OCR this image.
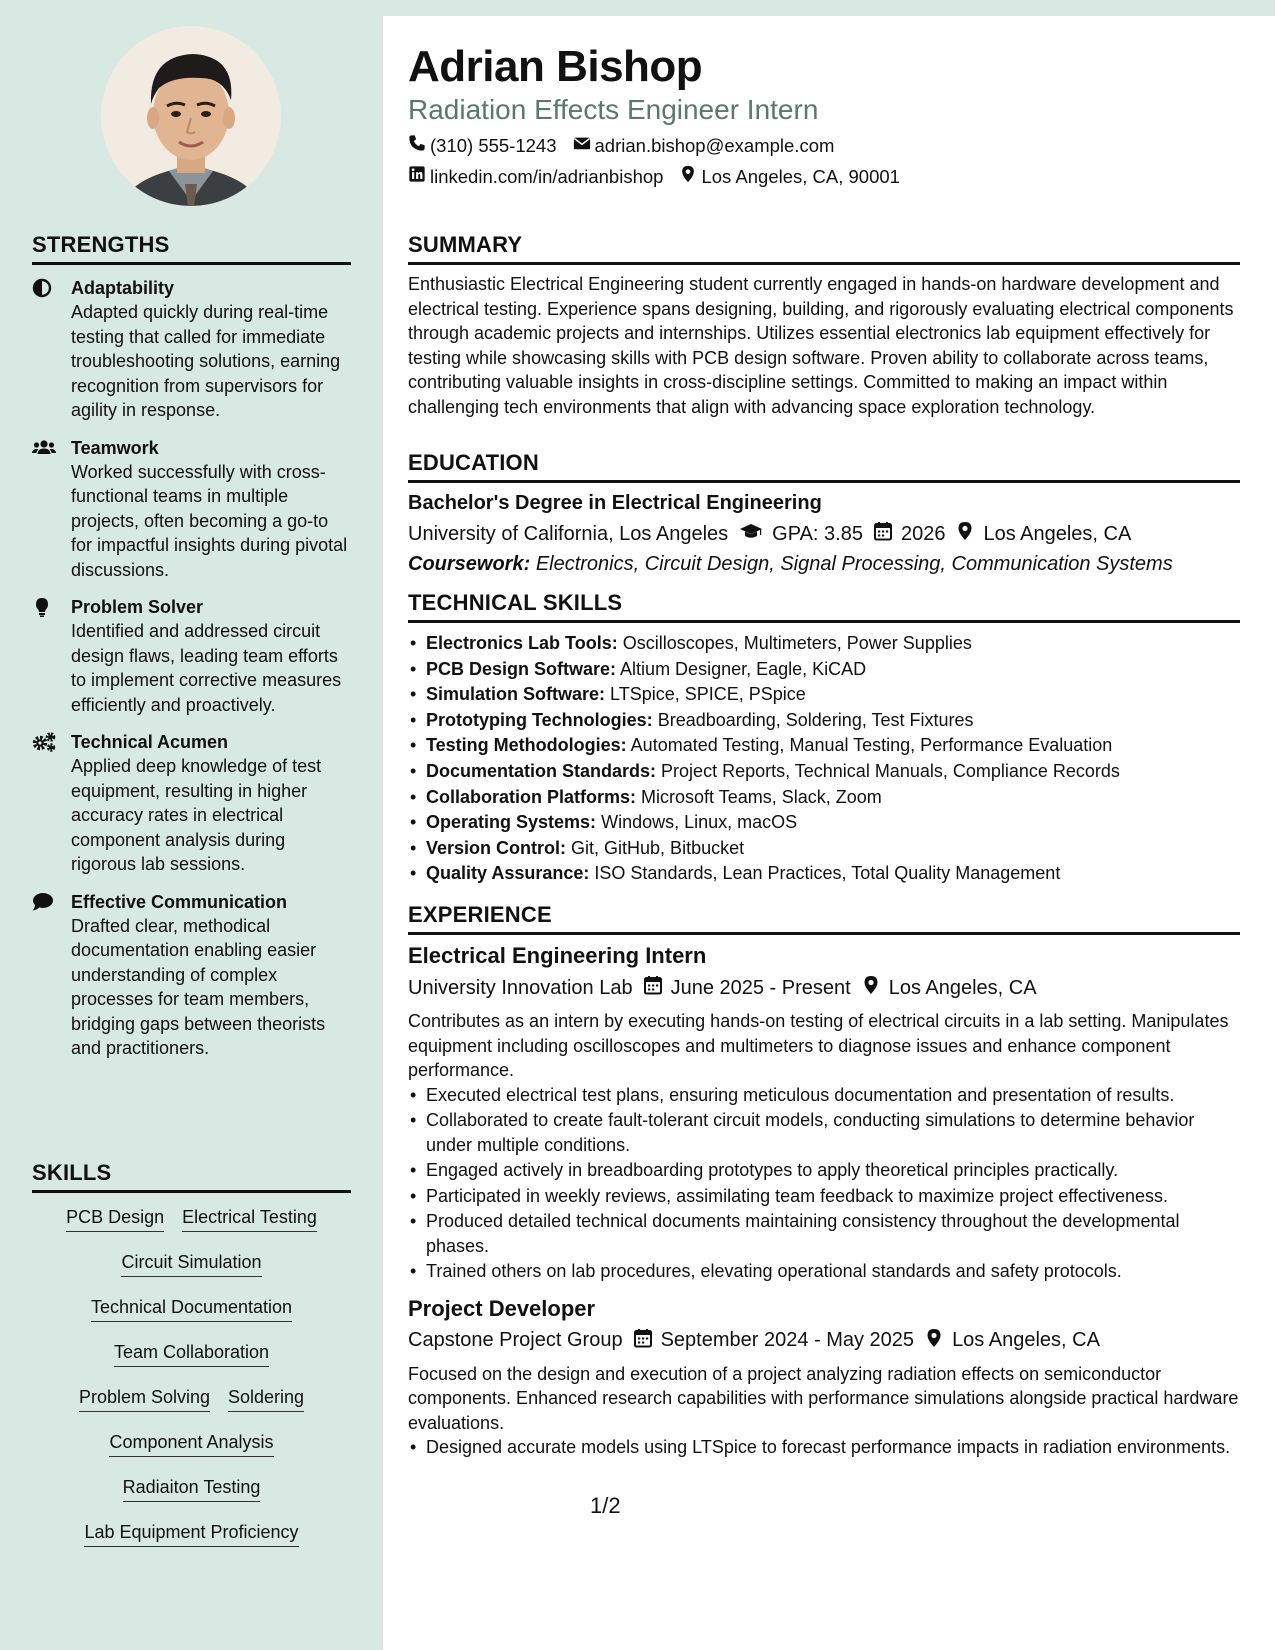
STRENGTHS
Adaptability
Adapted quickly during real-time testing that called for immediate troubleshooting solutions, earning recognition from supervisors for agility in response.
Teamwork
Worked successfully with cross-functional teams in multiple projects, often becoming a go-to for impactful insights during pivotal discussions.
Problem Solver
Identified and addressed circuit design flaws, leading team efforts to implement corrective measures efficiently and proactively.
Technical Acumen
Applied deep knowledge of test equipment, resulting in higher accuracy rates in electrical component analysis during rigorous lab sessions.
Effective Communication
Drafted clear, methodical documentation enabling easier understanding of complex processes for team members, bridging gaps between theorists and practitioners.
SKILLS
PCB Design Electrical Testing
Circuit Simulation
Technical Documentation
Team Collaboration
Problem Solving Soldering
Component Analysis
Radiaiton Testing
Lab Equipment Proficiency
Adrian Bishop
Radiation Effects Engineer Intern
(310) 555-1243 adrian.bishop@example.com
linkedin.com/in/adrianbishop Los Angeles, CA, 90001
SUMMARY
Enthusiastic Electrical Engineering student currently engaged in hands-on hardware development and electrical testing. Experience spans designing, building, and rigorously evaluating electrical components through academic projects and internships. Utilizes essential electronics lab equipment effectively for testing while showcasing skills with PCB design software. Proven ability to collaborate across teams, contributing valuable insights in cross-discipline settings. Committed to making an impact within challenging tech environments that align with advancing space exploration technology.
EDUCATION
Bachelor's Degree in Electrical Engineering
University of California, Los Angeles GPA: 3.85 2026 Los Angeles, CA
Coursework: Electronics, Circuit Design, Signal Processing, Communication Systems
TECHNICAL SKILLS
• Electronics Lab Tools: Oscilloscopes, Multimeters, Power Supplies
• PCB Design Software: Altium Designer, Eagle, KiCAD
• Simulation Software: LTSpice, SPICE, PSpice
• Prototyping Technologies: Breadboarding, Soldering, Test Fixtures
• Testing Methodologies: Automated Testing, Manual Testing, Performance Evaluation
• Documentation Standards: Project Reports, Technical Manuals, Compliance Records
• Collaboration Platforms: Microsoft Teams, Slack, Zoom
• Operating Systems: Windows, Linux, macOS
• Version Control: Git, GitHub, Bitbucket
• Quality Assurance: ISO Standards, Lean Practices, Total Quality Management
EXPERIENCE
Electrical Engineering Intern
University Innovation Lab June 2025 - Present Los Angeles, CA
Contributes as an intern by executing hands-on testing of electrical circuits in a lab setting. Manipulates equipment including oscilloscopes and multimeters to diagnose issues and enhance component performance.
• Executed electrical test plans, ensuring meticulous documentation and presentation of results.
• Collaborated to create fault-tolerant circuit models, conducting simulations to determine behavior under multiple conditions.
• Engaged actively in breadboarding prototypes to apply theoretical principles practically.
• Participated in weekly reviews, assimilating team feedback to maximize project effectiveness.
• Produced detailed technical documents maintaining consistency throughout the developmental phases.
• Trained others on lab procedures, elevating operational standards and safety protocols.
Project Developer
Capstone Project Group September 2024 - May 2025 Los Angeles, CA
Focused on the design and execution of a project analyzing radiation effects on semiconductor components. Enhanced research capabilities with performance simulations alongside practical hardware evaluations.
• Designed accurate models using LTSpice to forecast performance impacts in radiation environments.
1/2
